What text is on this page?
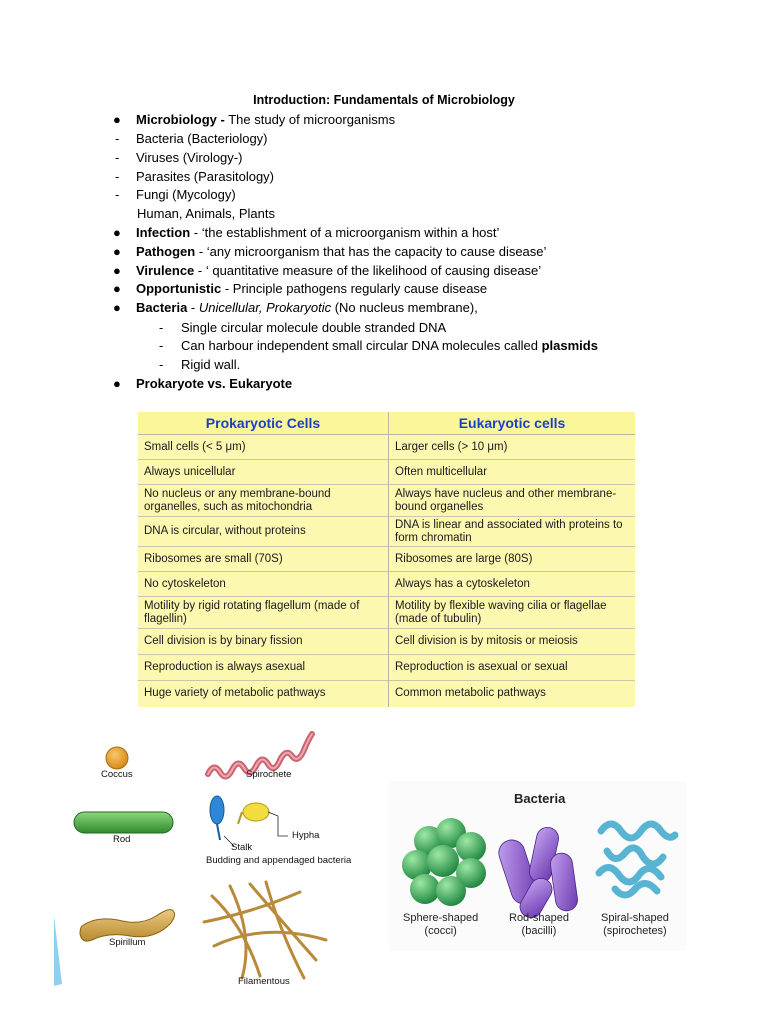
Introduction: Fundamentals of Microbiology
● Microbiology - The study of microorganisms
- Bacteria (Bacteriology)
- Viruses (Virology-)
- Parasites (Parasitology)
- Fungi (Mycology)
Human, Animals, Plants
● Infection - ‘the establishment of a microorganism within a host’
● Pathogen - ‘any microorganism that has the capacity to cause disease’
● Virulence - ‘ quantitative measure of the likelihood of causing disease’
● Opportunistic - Principle pathogens regularly cause disease
● Bacteria - Unicellular, Prokaryotic (No nucleus membrane),
- Single circular molecule double stranded DNA
- Can harbour independent small circular DNA molecules called plasmids
- Rigid wall.
● Prokaryote vs. Eukaryote
Prokaryotic Cells	Eukaryotic cells
Small cells (< 5 μm)	Larger cells (> 10 μm)
Always unicellular	Often multicellular
No nucleus or any membrane-bound organelles, such as mitochondria	Always have nucleus and other membrane-bound organelles
DNA is circular, without proteins	DNA is linear and associated with proteins to form chromatin
Ribosomes are small (70S)	Ribosomes are large (80S)
No cytoskeleton	Always has a cytoskeleton
Motility by rigid rotating flagellum (made of flagellin)	Motility by flexible waving cilia or flagellae (made of tubulin)
Cell division is by binary fission	Cell division is by mitosis or meiosis
Reproduction is always asexual	Reproduction is asexual or sexual
Huge variety of metabolic pathways	Common metabolic pathways
Coccus	Spirochete
Rod	Hypha
Stalk
Budding and appendaged bacteria
Spirillum
Filamentous
Bacteria
Sphere-shaped
(cocci)
Rod-shaped
(bacilli)
Spiral-shaped
(spirochetes)
